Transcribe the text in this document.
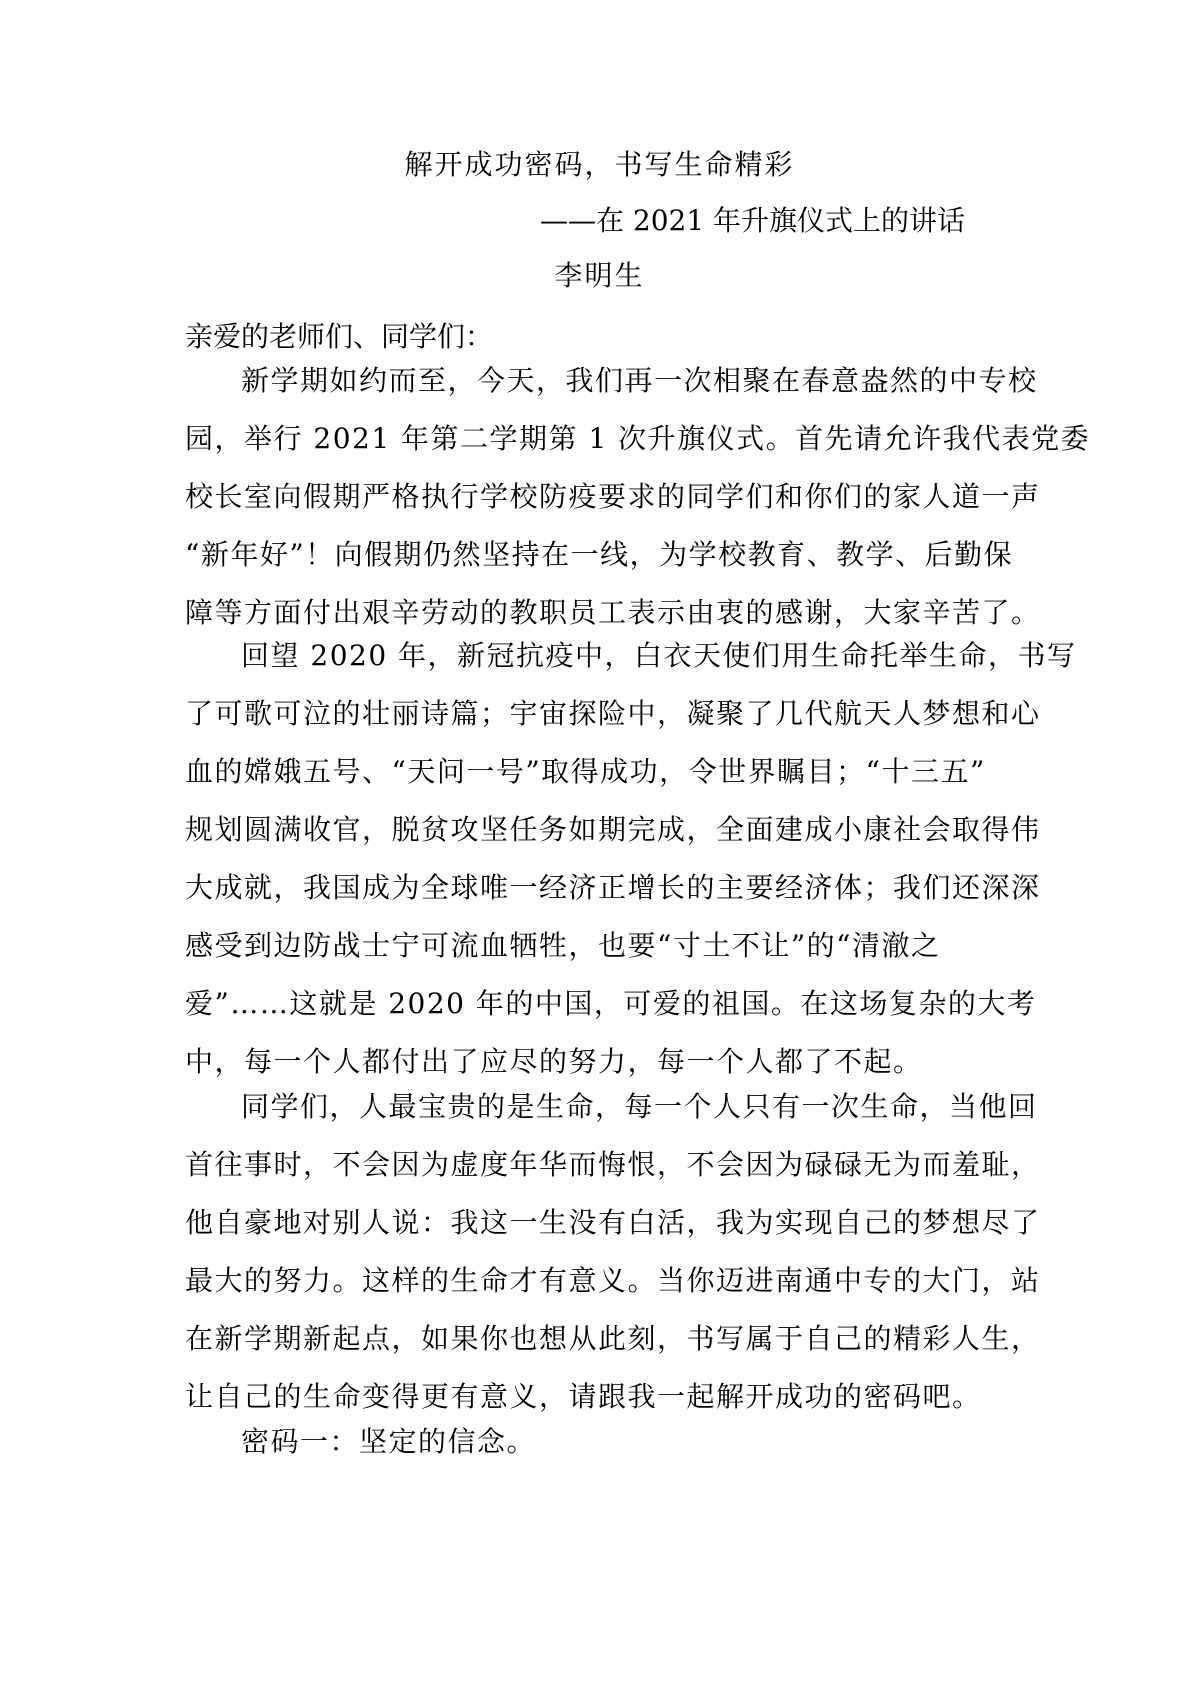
解开成功密码，书写生命精彩
——在 2021 年升旗仪式上的讲话
李明生
亲爱的老师们、同学们：
新学期如约而至，今天，我们再一次相聚在春意盎然的中专校
园，举行 2021 年第二学期第 1 次升旗仪式。首先请允许我代表党委
校长室向假期严格执行学校防疫要求的同学们和你们的家人道一声
“新年好”！向假期仍然坚持在一线，为学校教育、教学、后勤保
障等方面付出艰辛劳动的教职员工表示由衷的感谢，大家辛苦了。
回望 2020 年，新冠抗疫中，白衣天使们用生命托举生命，书写
了可歌可泣的壮丽诗篇；宇宙探险中，凝聚了几代航天人梦想和心
血的嫦娥五号、“天问一号”取得成功，令世界瞩目；“十三五”
规划圆满收官，脱贫攻坚任务如期完成，全面建成小康社会取得伟
大成就，我国成为全球唯一经济正增长的主要经济体；我们还深深
感受到边防战士宁可流血牺牲，也要“寸土不让”的“清澈之
爱”……这就是 2020 年的中国，可爱的祖国。在这场复杂的大考
中，每一个人都付出了应尽的努力，每一个人都了不起。
同学们，人最宝贵的是生命，每一个人只有一次生命，当他回
首往事时，不会因为虚度年华而悔恨，不会因为碌碌无为而羞耻，
他自豪地对别人说：我这一生没有白活，我为实现自己的梦想尽了
最大的努力。这样的生命才有意义。当你迈进南通中专的大门，站
在新学期新起点，如果你也想从此刻，书写属于自己的精彩人生，
让自己的生命变得更有意义，请跟我一起解开成功的密码吧。
密码一：坚定的信念。
